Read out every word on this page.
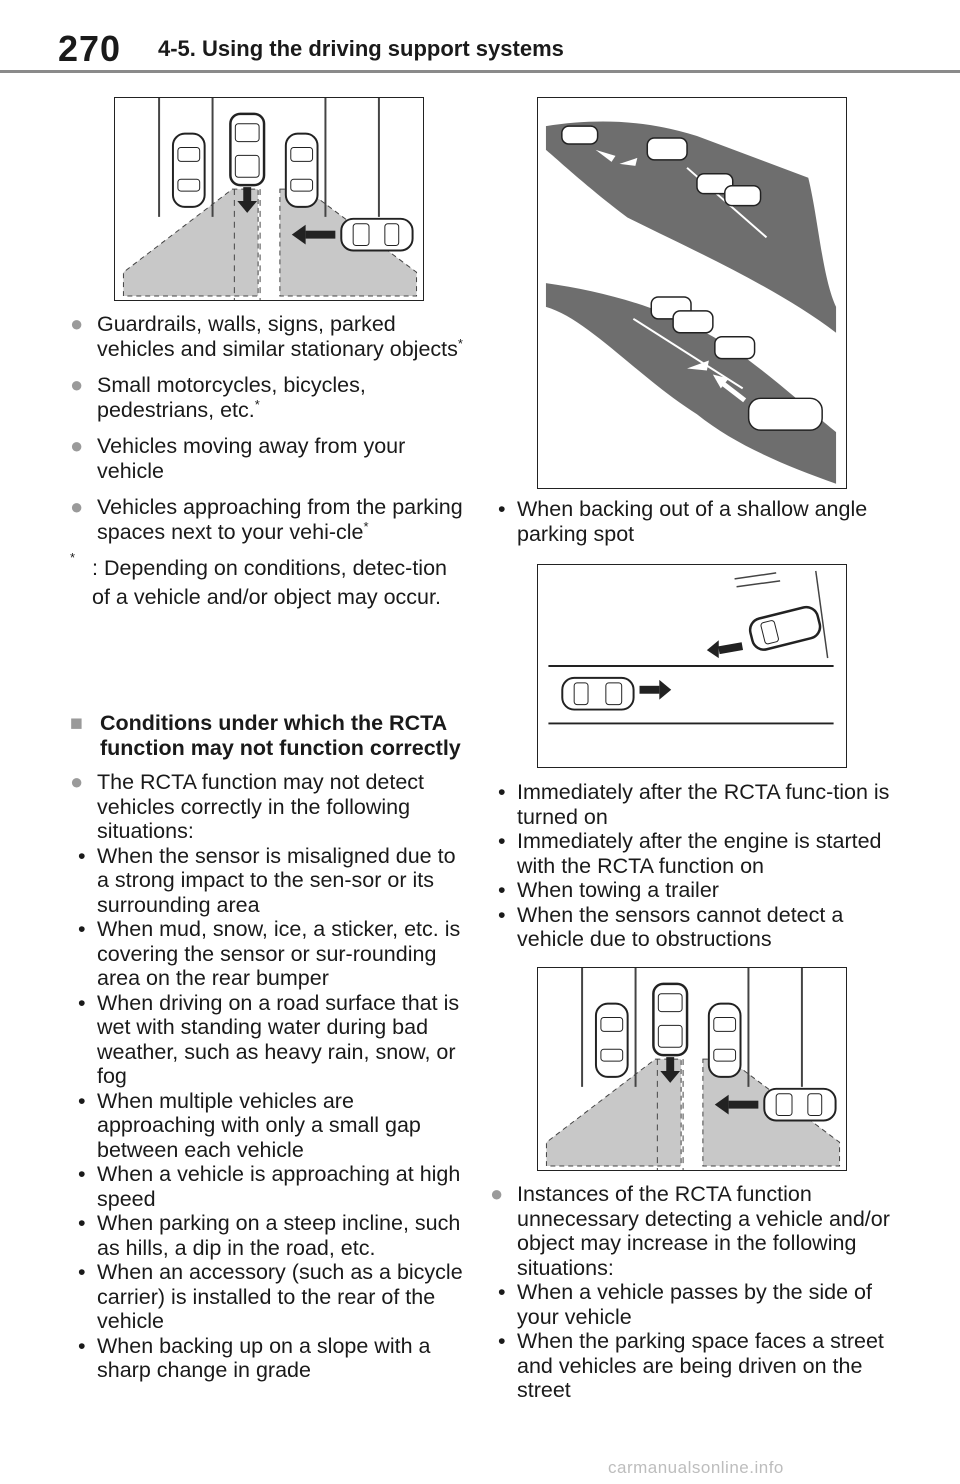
270 4-5. Using the driving support systems
● Guardrails, walls, signs, parked vehicles and similar stationary objects*
● Small motorcycles, bicycles, pedestrians, etc.*
● Vehicles moving away from your vehicle
● Vehicles approaching from the parking spaces next to your vehi-cle*
* : Depending on conditions, detec-tion of a vehicle and/or object may occur.
■ Conditions under which the RCTA function may not function correctly
● The RCTA function may not detect vehicles correctly in the following situations:
• When the sensor is misaligned due to a strong impact to the sen-sor or its surrounding area
• When mud, snow, ice, a sticker, etc. is covering the sensor or sur-rounding area on the rear bumper
• When driving on a road surface that is wet with standing water during bad weather, such as heavy rain, snow, or fog
• When multiple vehicles are approaching with only a small gap between each vehicle
• When a vehicle is approaching at high speed
• When parking on a steep incline, such as hills, a dip in the road, etc.
• When an accessory (such as a bicycle carrier) is installed to the rear of the vehicle
• When backing up on a slope with a sharp change in grade
• When backing out of a shallow angle parking spot
• Immediately after the RCTA func-tion is turned on
• Immediately after the engine is started with the RCTA function on
• When towing a trailer
• When the sensors cannot detect a vehicle due to obstructions
● Instances of the RCTA function unnecessary detecting a vehicle and/or object may increase in the following situations:
• When a vehicle passes by the side of your vehicle
• When the parking space faces a street and vehicles are being driven on the street
carmanualsonline.info
